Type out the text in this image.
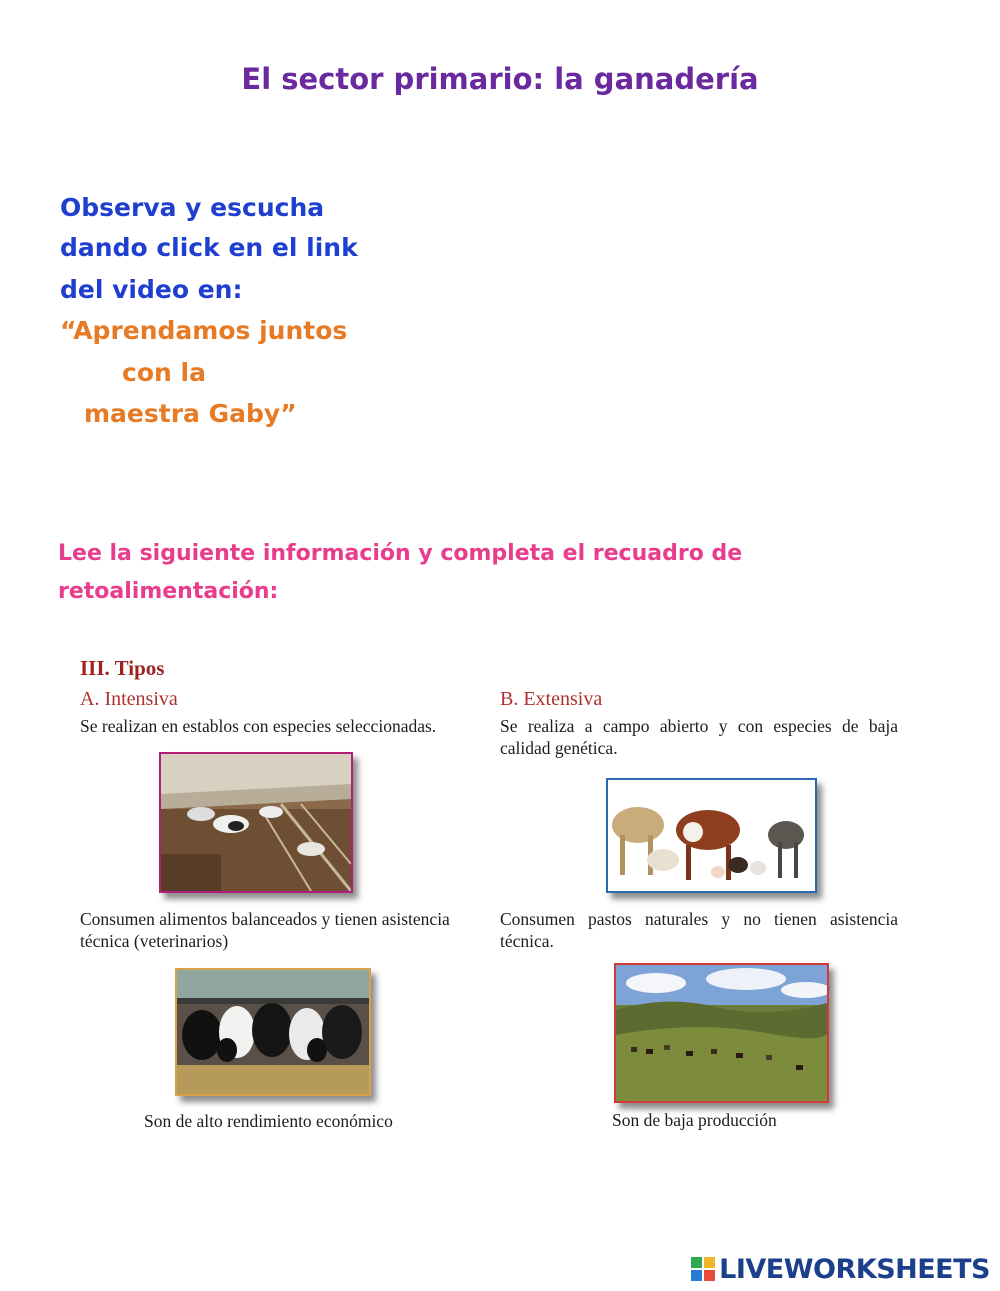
El sector primario: la ganadería
Observa y escucha
dando click en el link
del video en:
“Aprendamos juntos
con la
maestra Gaby”
Lee la siguiente información y completa el recuadro de
retoalimentación:
III. Tipos
A. Intensiva
Se realizan en establos con especies seleccionadas.
Consumen alimentos balanceados y tienen asistencia técnica (veterinarios)
Son de alto rendimiento económico
B. Extensiva
Se realiza a campo abierto y con especies de baja calidad genética.
Consumen pastos naturales y no tienen asistencia técnica.
Son de baja producción
LIVEWORKSHEETS
